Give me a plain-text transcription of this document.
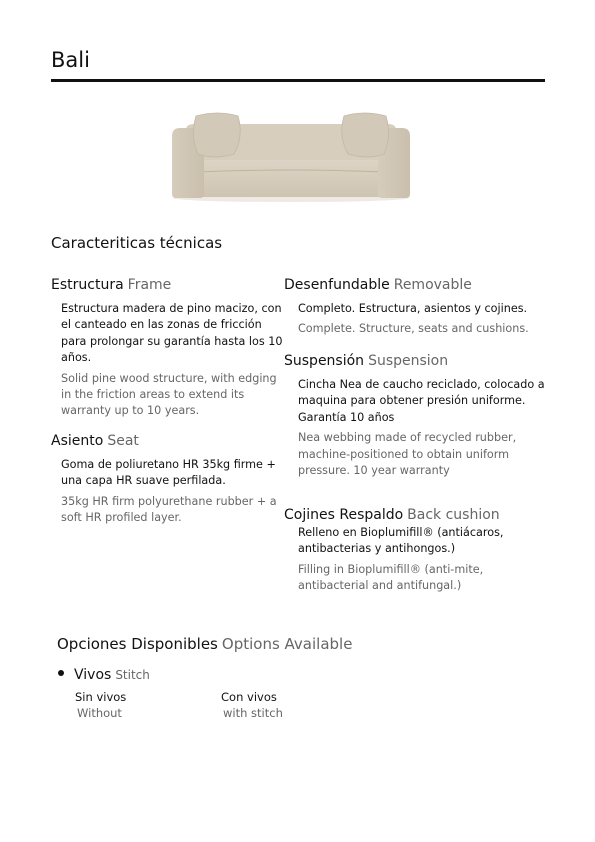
Bali
Caracteriticas técnicas
Estructura Frame
Estructura madera de pino macizo, con el canteado en las zonas de fricción para prolongar su garantía hasta los 10 años.
Solid pine wood structure, with edging in the friction areas to extend its warranty up to 10 years.
Asiento Seat
Goma de poliuretano HR 35kg firme + una capa HR suave perfilada.
35kg HR firm polyurethane rubber + a soft HR profiled layer.
Desenfundable Removable
Completo. Estructura, asientos y cojines.
Complete. Structure, seats and cushions.
Suspensión Suspension
Cincha Nea de caucho reciclado, colocado a maquina para obtener presión uniforme. Garantía 10 años
Nea webbing made of recycled rubber, machine-positioned to obtain uniform pressure. 10 year warranty
Cojines Respaldo Back cushion
Relleno en Bioplumifill® (antiácaros, antibacterias y antihongos.)
Filling in Bioplumifill® (anti-mite, antibacterial and antifungal.)
Opciones Disponibles Options Available
Vivos Stitch
Sin vivos
Without
Con vivos
with stitch
